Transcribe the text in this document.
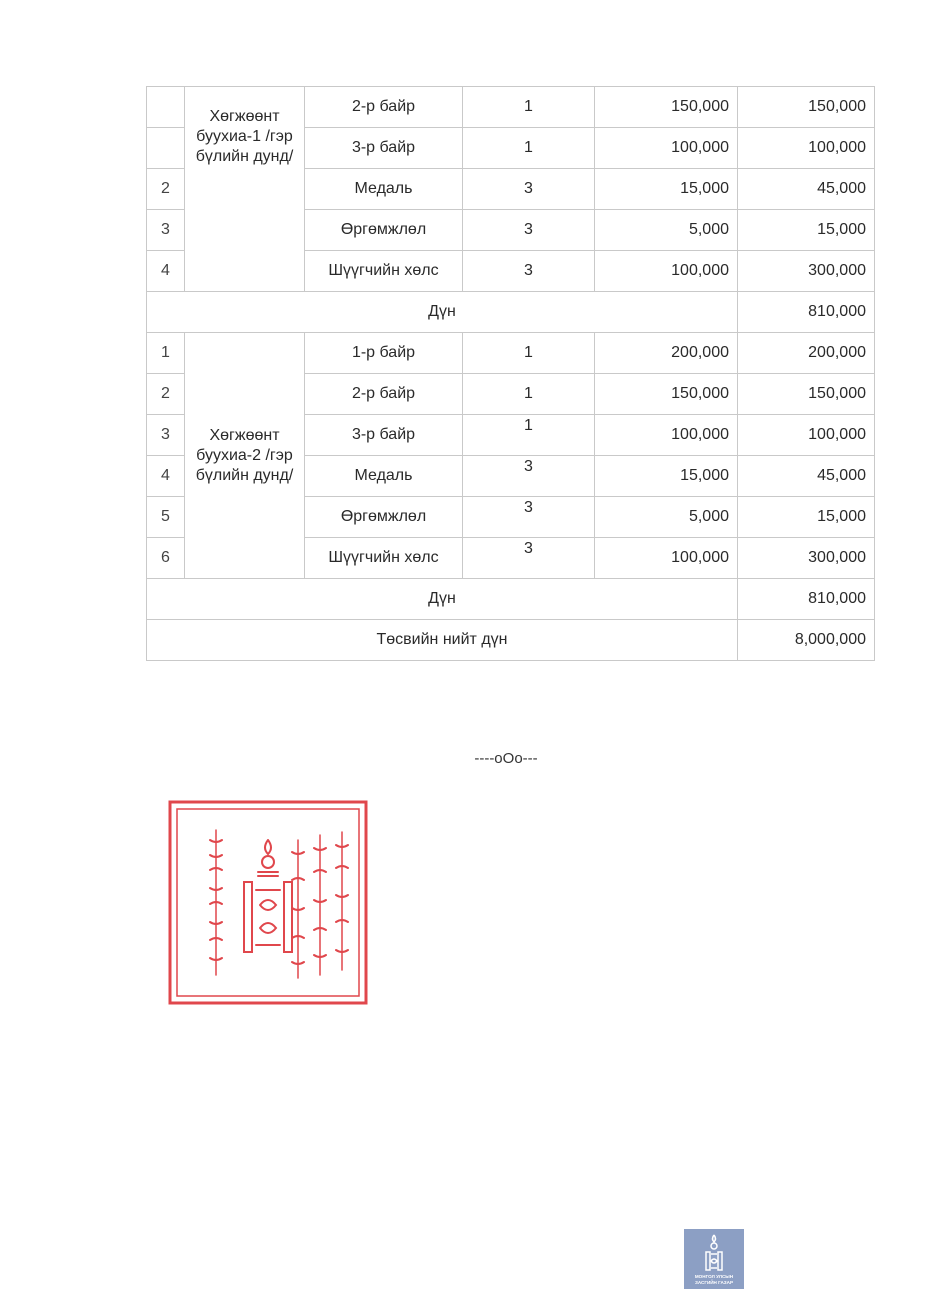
	Хөгжөөнт буухиа-1 /гэр бүлийн дунд/	2-р байр	1	150,000	150,000
		3-р байр	1	100,000	100,000
2		Медаль	3	15,000	45,000
3		Өргөмжлөл	3	5,000	15,000
4		Шүүгчийн хөлс	3	100,000	300,000
Дүн					810,000
1	Хөгжөөнт буухиа-2 /гэр бүлийн дунд/	1-р байр	1	200,000	200,000
2		2-р байр	1	150,000	150,000
3		3-р байр	1	100,000	100,000
4		Медаль	3	15,000	45,000
5		Өргөмжлөл	3	5,000	15,000
6		Шүүгчийн хөлс	3	100,000	300,000
Дүн					810,000
Төсвийн нийт дүн					8,000,000
----oOo---
МОНГОЛ УЛСЫН
ЗАСГИЙН ГАЗАР
